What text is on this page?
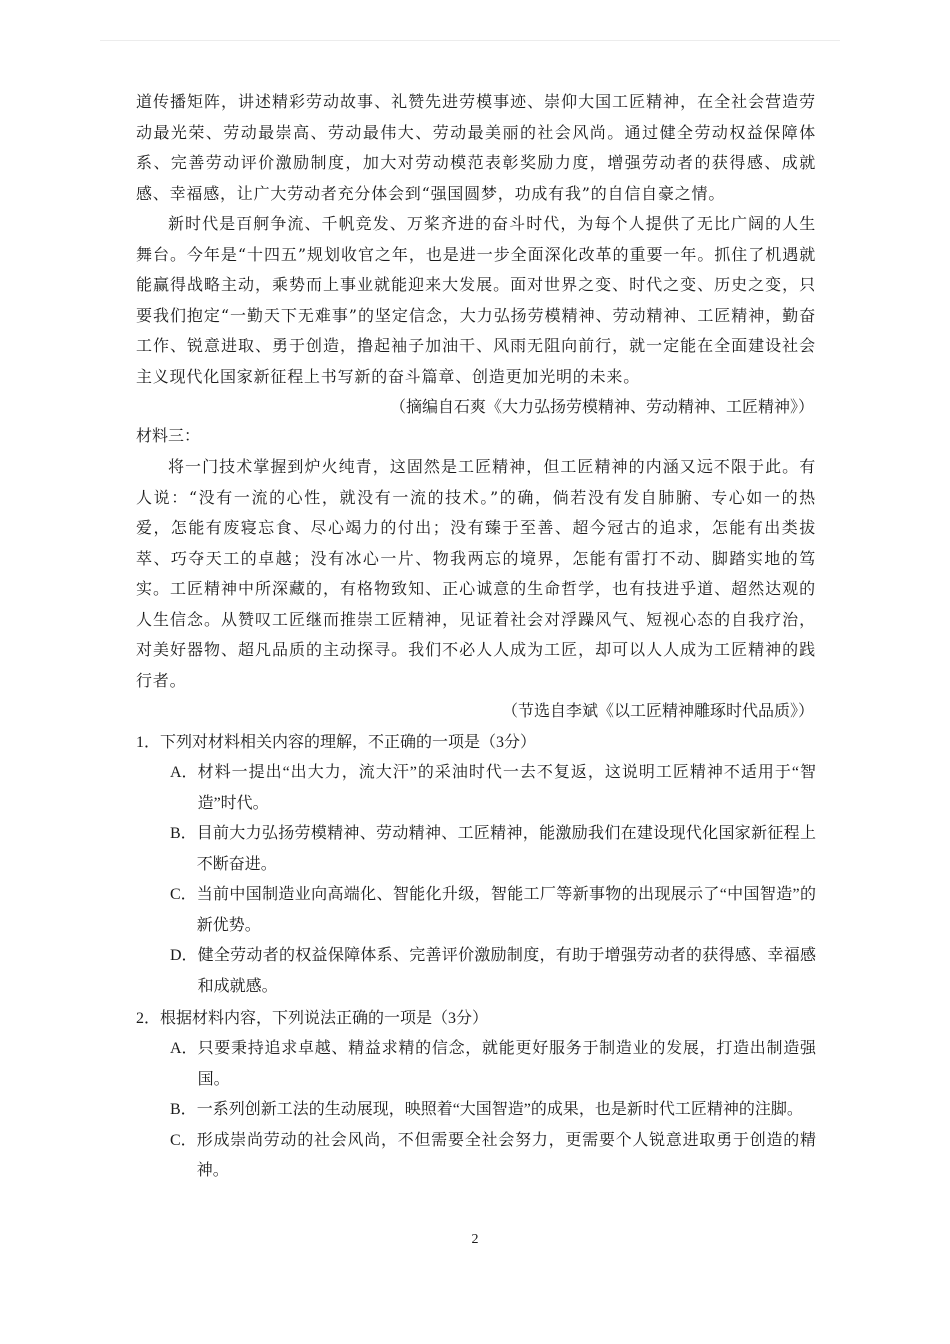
道传播矩阵，讲述精彩劳动故事、礼赞先进劳模事迹、崇仰大国工匠精神，在全社会营造劳动最光荣、劳动最崇高、劳动最伟大、劳动最美丽的社会风尚。通过健全劳动权益保障体系、完善劳动评价激励制度，加大对劳动模范表彰奖励力度，增强劳动者的获得感、成就感、幸福感，让广大劳动者充分体会到“强国圆梦，功成有我”的自信自豪之情。

新时代是百舸争流、千帆竞发、万桨齐进的奋斗时代，为每个人提供了无比广阔的人生舞台。今年是“十四五”规划收官之年，也是进一步全面深化改革的重要一年。抓住了机遇就能赢得战略主动，乘势而上事业就能迎来大发展。面对世界之变、时代之变、历史之变，只要我们抱定“一勤天下无难事”的坚定信念，大力弘扬劳模精神、劳动精神、工匠精神，勤奋工作、锐意进取、勇于创造，撸起袖子加油干、风雨无阻向前行，就一定能在全面建设社会主义现代化国家新征程上书写新的奋斗篇章、创造更加光明的未来。

（摘编自石爽《大力弘扬劳模精神、劳动精神、工匠精神》）

材料三：

将一门技术掌握到炉火纯青，这固然是工匠精神，但工匠精神的内涵又远不限于此。有人说：“没有一流的心性，就没有一流的技术。”的确，倘若没有发自肺腑、专心如一的热爱，怎能有废寝忘食、尽心竭力的付出；没有臻于至善、超今冠古的追求，怎能有出类拔萃、巧夺天工的卓越；没有冰心一片、物我两忘的境界，怎能有雷打不动、脚踏实地的笃实。工匠精神中所深藏的，有格物致知、正心诚意的生命哲学，也有技进乎道、超然达观的人生信念。从赞叹工匠继而推崇工匠精神，见证着社会对浮躁风气、短视心态的自我疗治，对美好器物、超凡品质的主动探寻。我们不必人人成为工匠，却可以人人成为工匠精神的践行者。

（节选自李斌《以工匠精神雕琢时代品质》）

1．下列对材料相关内容的理解，不正确的一项是（3分）

A． 材料一提出“出大力，流大汗”的采油时代一去不复返，这说明工匠精神不适用于“智造”时代。
B． 目前大力弘扬劳模精神、劳动精神、工匠精神，能激励我们在建设现代化国家新征程上不断奋进。
C． 当前中国制造业向高端化、智能化升级，智能工厂等新事物的出现展示了“中国智造”的新优势。
D． 健全劳动者的权益保障体系、完善评价激励制度，有助于增强劳动者的获得感、幸福感和成就感。

2．根据材料内容，下列说法正确的一项是（3分）

A． 只要秉持追求卓越、精益求精的信念，就能更好服务于制造业的发展，打造出制造强国。
B． 一系列创新工法的生动展现，映照着“大国智造”的成果，也是新时代工匠精神的注脚。
C． 形成崇尚劳动的社会风尚，不但需要全社会努力，更需要个人锐意进取勇于创造的精神。
2
